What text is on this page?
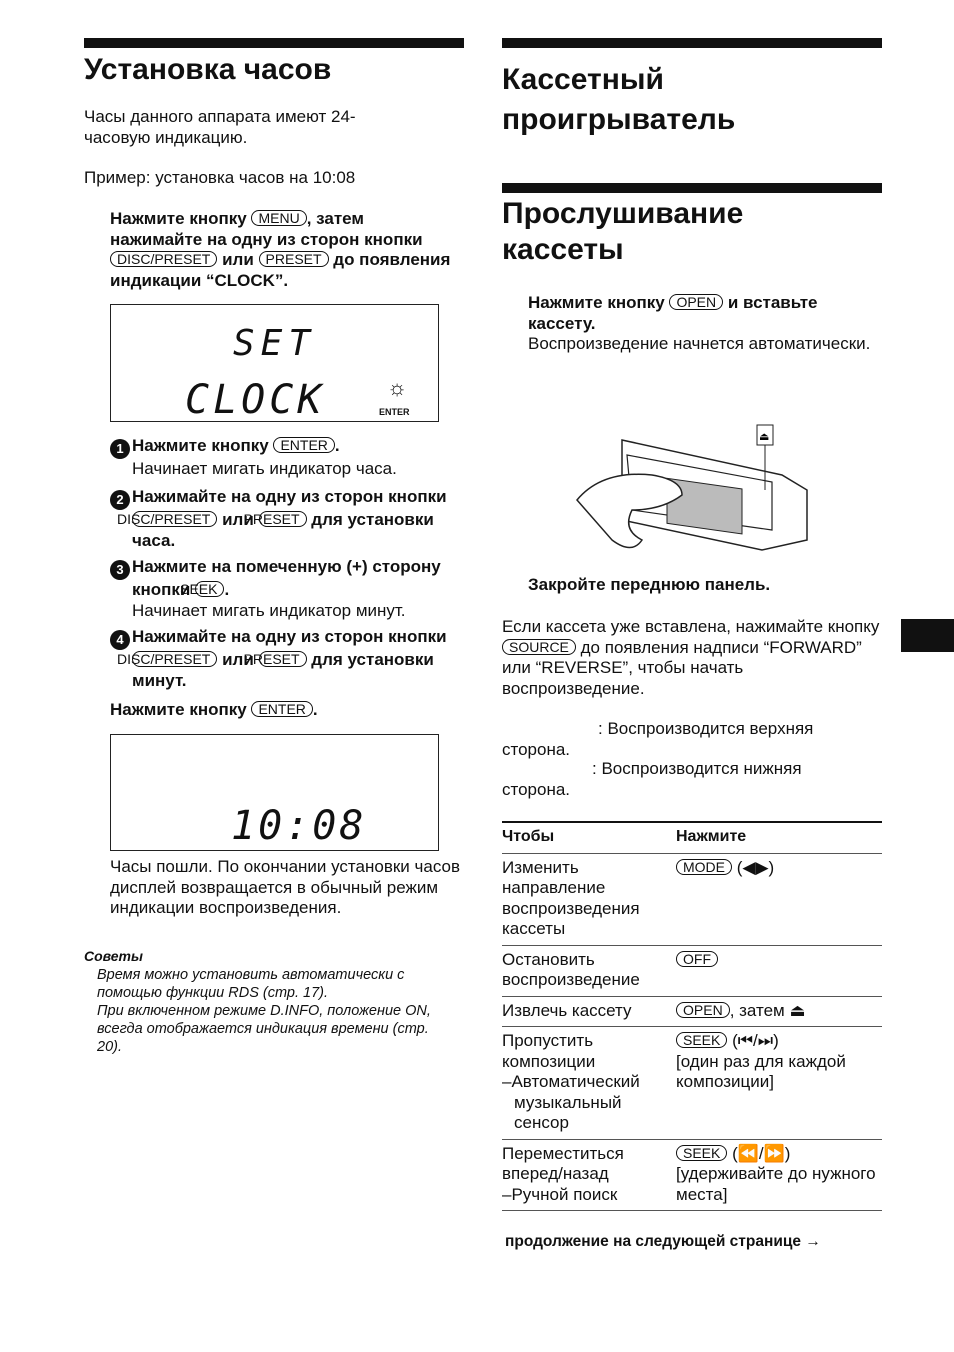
Установка часов
Часы данного аппарата имеют 24-часовую индикацию.
Пример: установка часов на 10:08
Нажмите кнопку MENU , затем нажимайте на одну из сторон кнопки DISC/PRESET или PRESET до появления индикации “CLOCK”.
SET
CLOCK	☼
ENTER
1 Нажмите кнопку ENTER .
Начинает мигать индикатор часа.
2 Нажимайте на одну из сторон кнопки DISC/PRESET или PRESET для установки часа.
3 Нажмите на помеченную (+) сторону кнопки SEEK .
Начинает мигать индикатор минут.
4 Нажимайте на одну из сторон кнопки DISC/PRESET или PRESET для установки минут.
Нажмите кнопку ENTER .
10:08
Часы пошли. По окончании установки часов дисплей возвращается в обычный режим индикации воспроизведения.
Советы
Время можно установить автоматически с помощью функции RDS (стр. 17).
При включенном режиме D.INFO, положение ON, всегда отображается индикация времени (стр. 20).
Кассетный проигрыватель
Прослушивание кассеты
Нажмите кнопку OPEN и вставьте кассету.
Воспроизведение начнется автоматически.
⏏
Закройте переднюю панель.
Если кассета уже вставлена, нажимайте кнопку SOURCE до появления надписи “FORWARD” или “REVERSE”, чтобы начать воспроизведение.
: Воспроизводится верхняя сторона.
: Воспроизводится нижняя сторона.
Чтобы	Нажмите
Изменить направление воспроизведения кассеты	MODE (◀▶)
Остановить воспроизведение	OFF
Извлечь кассету	OPEN , затем ⏏
Пропустить композиции
–Автоматический музыкальный сенсор	SEEK (⏮/⏭)
[один раз для каждой композиции]
Переместиться вперед/назад
–Ручной поиск	SEEK (⏪/⏩)
[удерживайте до нужного места]
продолжение на следующей странице →
